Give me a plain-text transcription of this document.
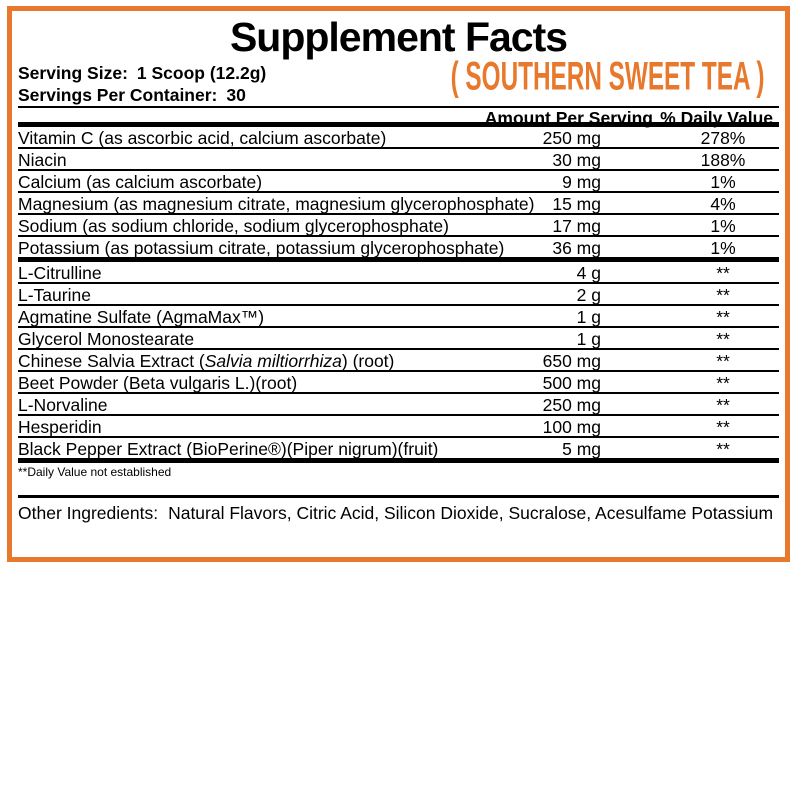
Supplement Facts
Serving Size: 1 Scoop (12.2g)
Servings Per Container: 30	( SOUTHERN SWEET TEA )
Amount Per Serving % Daily Value
Vitamin C (as ascorbic acid, calcium ascorbate)	250 mg	278%
Niacin	30 mg	188%
Calcium (as calcium ascorbate)	9 mg	1%
Magnesium (as magnesium citrate, magnesium glycerophosphate) 15 mg	4%
Sodium (as sodium chloride, sodium glycerophosphate)	17 mg	1%
Potassium (as potassium citrate, potassium glycerophosphate)	36 mg	1%
L-Citrulline	4 g	**
L-Taurine	2 g	**
Agmatine Sulfate (AgmaMax™)	1 g	**
Glycerol Monostearate	1 g	**
Chinese Salvia Extract (Salvia miltiorrhiza) (root)	650 mg	**
Beet Powder (Beta vulgaris L.)(root)	500 mg	**
L-Norvaline	250 mg	**
Hesperidin	100 mg	**
Black Pepper Extract (BioPerine®)(Piper nigrum)(fruit)	5 mg	**
**Daily Value not established
Other Ingredients: Natural Flavors, Citric Acid, Silicon Dioxide, Sucralose, Acesulfame Potassium
